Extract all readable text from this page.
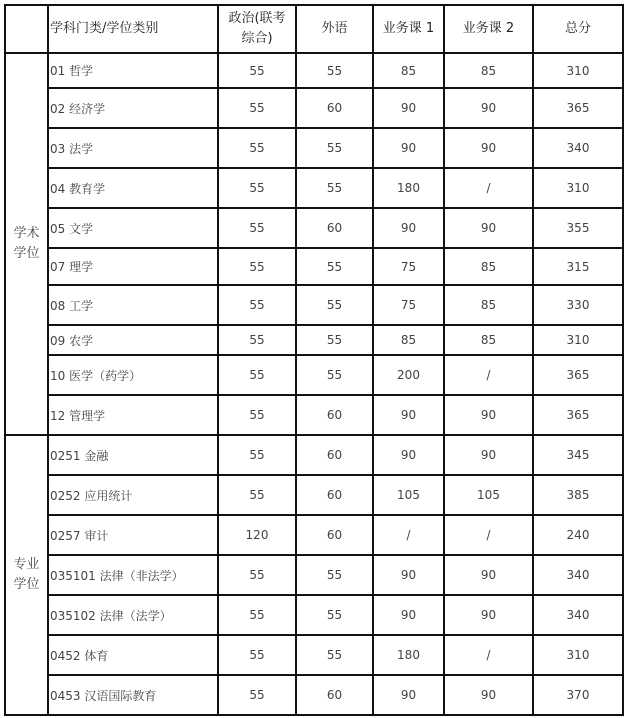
	学科门类/学位类别	政治(联考
综合)	外语	业务课 1	业务课 2	总分
学术
学位	01 哲学	55	55	85	85	310
	02 经济学	55	60	90	90	365
	03 法学	55	55	90	90	340
	04 教育学	55	55	180	/	310
	05 文学	55	60	90	90	355
	07 理学	55	55	75	85	315
	08 工学	55	55	75	85	330
	09 农学	55	55	85	85	310
	10 医学（药学）	55	55	200	/	365
	12 管理学	55	60	90	90	365
专业
学位	0251 金融	55	60	90	90	345
	0252 应用统计	55	60	105	105	385
	0257 审计	120	60	/	/	240
	035101 法律（非法学）	55	55	90	90	340
	035102 法律（法学）	55	55	90	90	340
	0452 体育	55	55	180	/	310
	0453 汉语国际教育	55	60	90	90	370
